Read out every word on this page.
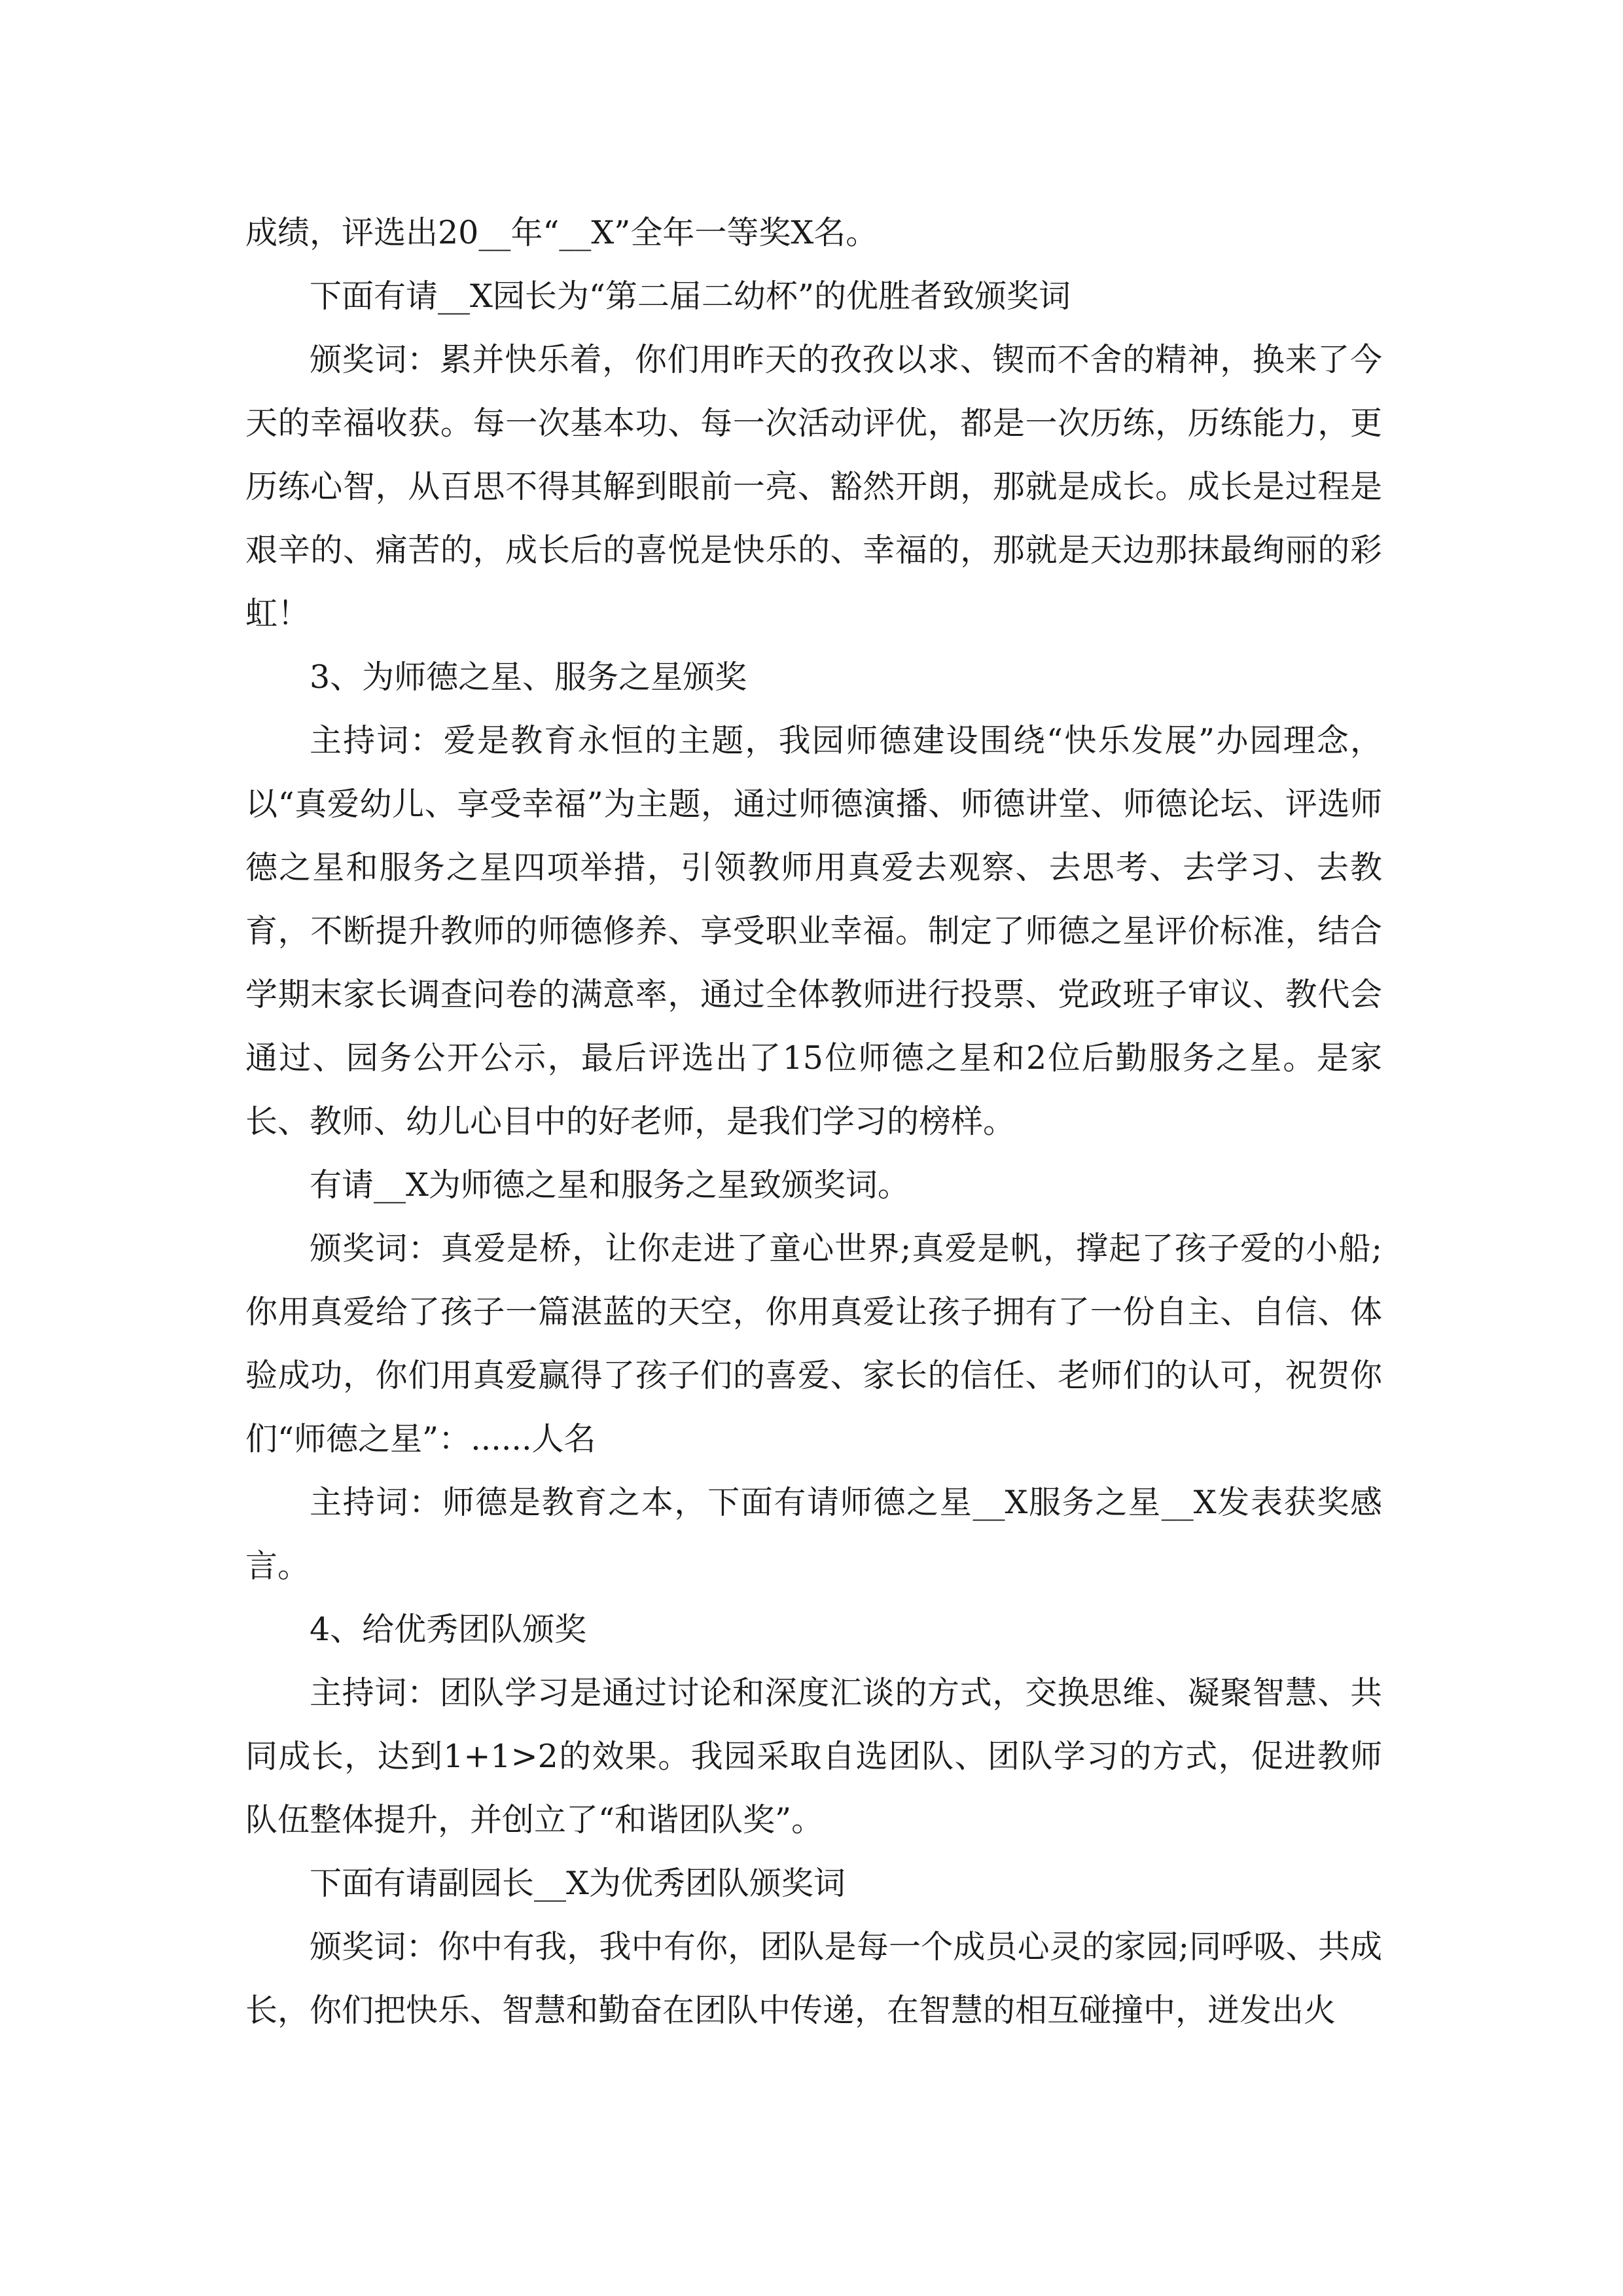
成绩，评选出20__年“__X”全年一等奖X名。

下面有请__X园长为“第二届二幼杯”的优胜者致颁奖词

颁奖词：累并快乐着，你们用昨天的孜孜以求、锲而不舍的精神，换来了今天的幸福收获。每一次基本功、每一次活动评优，都是一次历练，历练能力，更历练心智，从百思不得其解到眼前一亮、豁然开朗，那就是成长。成长是过程是艰辛的、痛苦的，成长后的喜悦是快乐的、幸福的，那就是天边那抹最绚丽的彩虹！

3、为师德之星、服务之星颁奖

主持词：爱是教育永恒的主题，我园师德建设围绕“快乐发展”办园理念，以“真爱幼儿、享受幸福”为主题，通过师德演播、师德讲堂、师德论坛、评选师德之星和服务之星四项举措，引领教师用真爱去观察、去思考、去学习、去教育，不断提升教师的师德修养、享受职业幸福。制定了师德之星评价标准，结合学期末家长调查问卷的满意率，通过全体教师进行投票、党政班子审议、教代会通过、园务公开公示，最后评选出了15位师德之星和2位后勤服务之星。是家长、教师、幼儿心目中的好老师，是我们学习的榜样。

有请__X为师德之星和服务之星致颁奖词。

颁奖词：真爱是桥，让你走进了童心世界;真爱是帆，撑起了孩子爱的小船;你用真爱给了孩子一篇湛蓝的天空，你用真爱让孩子拥有了一份自主、自信、体验成功，你们用真爱赢得了孩子们的喜爱、家长的信任、老师们的认可，祝贺你们“师德之星”：......人名

主持词：师德是教育之本，下面有请师德之星__X服务之星__X发表获奖感言。

4、给优秀团队颁奖

主持词：团队学习是通过讨论和深度汇谈的方式，交换思维、凝聚智慧、共同成长，达到1+1>2的效果。我园采取自选团队、团队学习的方式，促进教师队伍整体提升，并创立了“和谐团队奖”。

下面有请副园长__X为优秀团队颁奖词

颁奖词：你中有我，我中有你，团队是每一个成员心灵的家园;同呼吸、共成长，你们把快乐、智慧和勤奋在团队中传递，在智慧的相互碰撞中，迸发出火
